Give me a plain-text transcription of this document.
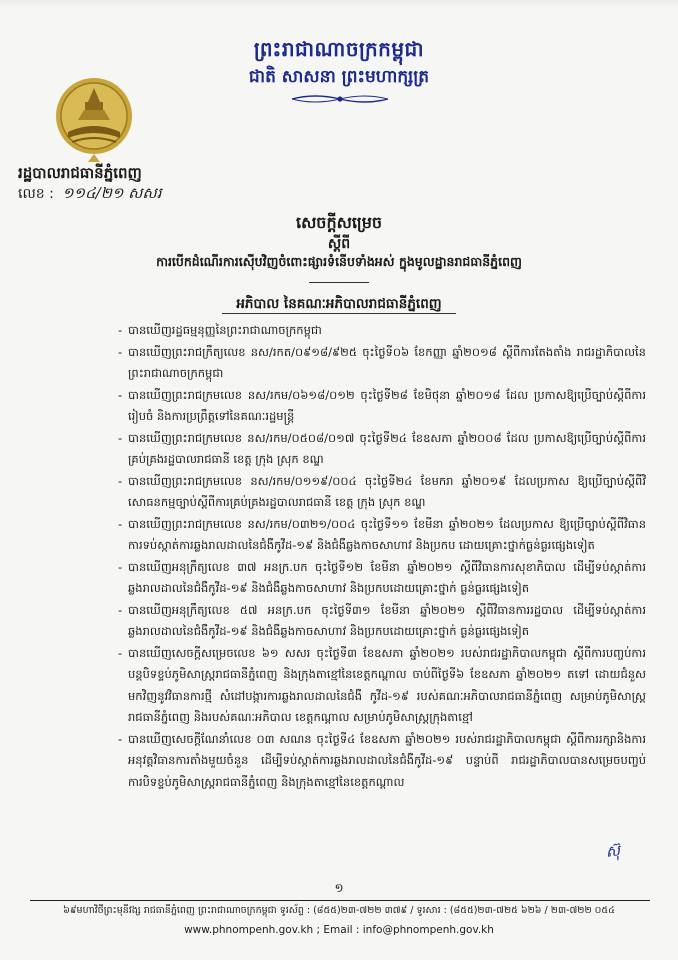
ព្រះរាជាណាចក្រកម្ពុជា
ជាតិ សាសនា ព្រះមហាក្សត្រ
រដ្ឋបាលរាជធានីភ្នំពេញ
លេខ : ១១៤/២១ សសរ
សេចក្តីសម្រេច
ស្តីពី
ការបើកដំណើរការស៊ើបវិញចំពោះផ្សារទំនើបទាំងអស់ ក្នុងមូលដ្ឋានរាជធានីភ្នំពេញ
អភិបាល នៃគណៈអភិបាលរាជធានីភ្នំពេញ
- បានឃើញរដ្ឋធម្មនុញ្ញនៃព្រះរាជាណាចក្រកម្ពុជា
- បានឃើញព្រះរាជក្រឹត្យលេខ នស/រកត/០៩១៨/៩២៥ ចុះថ្ងៃទី០៦ ខែកញ្ញា ឆ្នាំ២០១៨ ស្តីពីការតែងតាំង រាជរដ្ឋាភិបាលនៃព្រះរាជាណាចក្រកម្ពុជា
- បានឃើញព្រះរាជក្រមលេខ នស/រកម/០៦១៨/០១២ ចុះថ្ងៃទី២៨ ខែមិថុនា ឆ្នាំ២០១៨ ដែល ប្រកាសឱ្យប្រើច្បាប់ស្តីពីការរៀបចំ និងការប្រព្រឹត្តទៅនៃគណៈរដ្ឋមន្ត្រី
- បានឃើញព្រះរាជក្រមលេខ នស/រកម/០៥០៨/០១៧ ចុះថ្ងៃទី២៤ ខែឧសភា ឆ្នាំ២០០៨ ដែល ប្រកាសឱ្យប្រើច្បាប់ស្តីពីការគ្រប់គ្រងរដ្ឋបាលរាជធានី ខេត្ត ក្រុង ស្រុក ខណ្ឌ
- បានឃើញព្រះរាជក្រមលេខ នស/រកម/០១១៩/០០៤ ចុះថ្ងៃទី២៤ ខែមករា ឆ្នាំ២០១៩ ដែលប្រកាស ឱ្យប្រើច្បាប់ស្តីពីវិសោធនកម្មច្បាប់ស្តីពីការគ្រប់គ្រងរដ្ឋបាលរាជធានី ខេត្ត ក្រុង ស្រុក ខណ្ឌ
- បានឃើញព្រះរាជក្រមលេខ នស/រកម/០៣២១/០០៤ ចុះថ្ងៃទី១១ ខែមីនា ឆ្នាំ២០២១ ដែលប្រកាស ឱ្យប្រើច្បាប់ស្តីពីវិធានការទប់ស្កាត់ការឆ្លងរាលដាលនៃជំងឺកូវីដ-១៩ និងជំងឺឆ្លងកាចសាហាវ និងប្រកប ដោយគ្រោះថ្នាក់ធ្ងន់ធ្ងរផ្សេងទៀត
- បានឃើញអនុក្រឹត្យលេខ ៣៧ អនក្រ.បក ចុះថ្ងៃទី១២ ខែមីនា ឆ្នាំ២០២១ ស្តីពីវិធានការសុខាភិបាល ដើម្បីទប់ស្កាត់ការឆ្លងរាលដាលនៃជំងឺកូវីដ-១៩ និងជំងឺឆ្លងកាចសាហាវ និងប្រកបដោយគ្រោះថ្នាក់ ធ្ងន់ធ្ងរផ្សេងទៀត
- បានឃើញអនុក្រឹត្យលេខ ៥៧ អនក្រ.បក ចុះថ្ងៃទី៣១ ខែមីនា ឆ្នាំ២០២១ ស្តីពីវិធានការរដ្ឋបាល ដើម្បីទប់ស្កាត់ការឆ្លងរាលដាលនៃជំងឺកូវីដ-១៩ និងជំងឺឆ្លងកាចសាហាវ និងប្រកបដោយគ្រោះថ្នាក់ ធ្ងន់ធ្ងរផ្សេងទៀត
- បានឃើញសេចក្តីសម្រេចលេខ ៦១ សសរ ចុះថ្ងៃទី៣ ខែឧសភា ឆ្នាំ២០២១ របស់រាជរដ្ឋាភិបាលកម្ពុជា ស្តីពីការបញ្ចប់ការបន្តបិទខ្ទប់ភូមិសាស្ត្ររាជធានីភ្នំពេញ និងក្រុងតាខ្មៅនៃខេត្តកណ្តាល ចាប់ពីថ្ងៃទី៦ ខែឧសភា ឆ្នាំ២០២១ តទៅ ដោយជំនួសមកវិញនូវវិធានការថ្មី សំដៅបង្ការការឆ្លងរាលដាលនៃជំងឺ កូវីដ-១៩ របស់គណៈអភិបាលរាជធានីភ្នំពេញ សម្រាប់ភូមិសាស្ត្ររាជធានីភ្នំពេញ និងរបស់គណៈអភិបាល ខេត្តកណ្តាល សម្រាប់ភូមិសាស្ត្រក្រុងតាខ្មៅ
- បានឃើញសេចក្តីណែនាំលេខ ០៣ សណន ចុះថ្ងៃទី៤ ខែឧសភា ឆ្នាំ២០២១ របស់រាជរដ្ឋាភិបាលកម្ពុជា ស្តីពីការរក្សានិងការអនុវត្តវិធានការតាំងមួយចំនួន ដើម្បីទប់ស្កាត់ការឆ្លងរាលដាលនៃជំងឺកូវីដ-១៩ បន្ទាប់ពី រាជរដ្ឋាភិបាលបានសម្រេចបញ្ចប់ការបិទខ្ទប់ភូមិសាស្ត្ររាជធានីភ្នំពេញ និងក្រុងតាខ្មៅនៃខេត្តកណ្តាល
ស៊ុ
១
៦៩មហាវិថីព្រះមុនីវង្ស រាជធានីភ្នំពេញ ព្រះរាជាណាចក្រកម្ពុជា ទូរស័ព្ទ : (៨៥៥)២៣-៧២២ ៣៧៩ / ទូរសារ : (៨៥៥)២៣-៧២៥ ៦២៦ / ២៣-៧២២ ០៥៤
www.phnompenh.gov.kh ; Email : info@phnompenh.gov.kh
